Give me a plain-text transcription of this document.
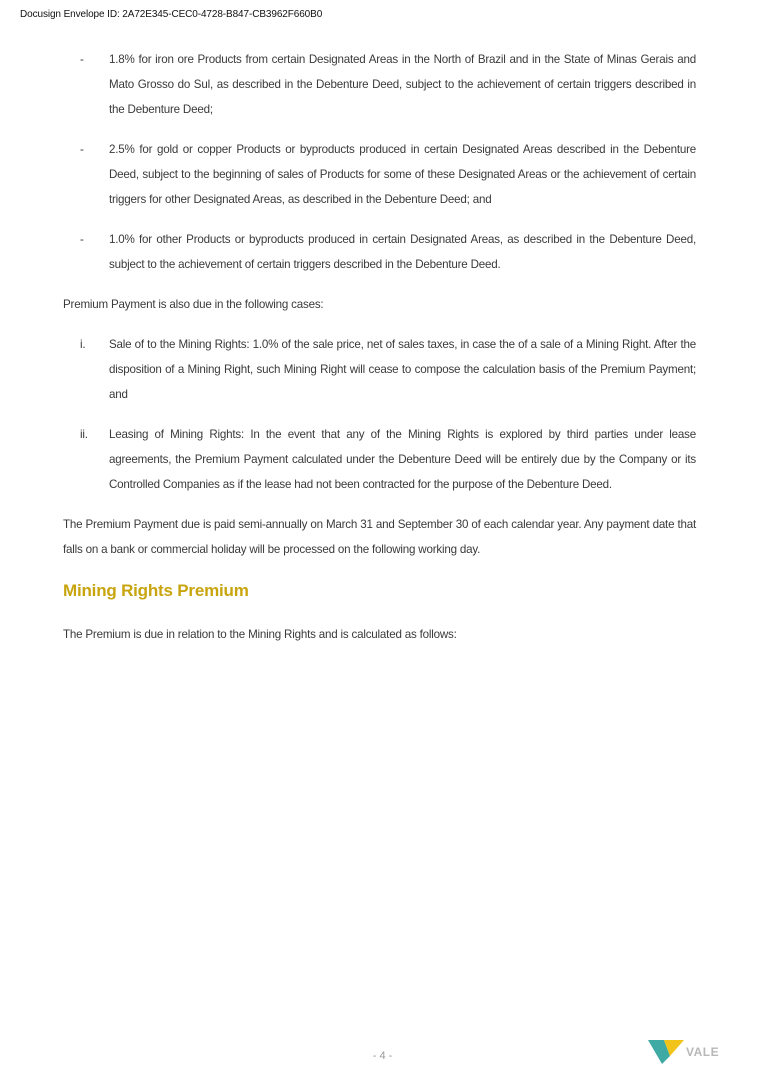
Docusign Envelope ID: 2A72E345-CEC0-4728-B847-CB3962F660B0
- 1.8% for iron ore Products from certain Designated Areas in the North of Brazil and in the State of Minas Gerais and Mato Grosso do Sul, as described in the Debenture Deed, subject to the achievement of certain triggers described in the Debenture Deed;
- 2.5% for gold or copper Products or byproducts produced in certain Designated Areas described in the Debenture Deed, subject to the beginning of sales of Products for some of these Designated Areas or the achievement of certain triggers for other Designated Areas, as described in the Debenture Deed; and
- 1.0% for other Products or byproducts produced in certain Designated Areas, as described in the Debenture Deed, subject to the achievement of certain triggers described in the Debenture Deed.
Premium Payment is also due in the following cases:
i. Sale of to the Mining Rights: 1.0% of the sale price, net of sales taxes, in case the of a sale of a Mining Right. After the disposition of a Mining Right, such Mining Right will cease to compose the calculation basis of the Premium Payment; and
ii. Leasing of Mining Rights: In the event that any of the Mining Rights is explored by third parties under lease agreements, the Premium Payment calculated under the Debenture Deed will be entirely due by the Company or its Controlled Companies as if the lease had not been contracted for the purpose of the Debenture Deed.
The Premium Payment due is paid semi-annually on March 31 and September 30 of each calendar year. Any payment date that falls on a bank or commercial holiday will be processed on the following working day.
Mining Rights Premium
The Premium is due in relation to the Mining Rights and is calculated as follows:
- 4 -	VALE
